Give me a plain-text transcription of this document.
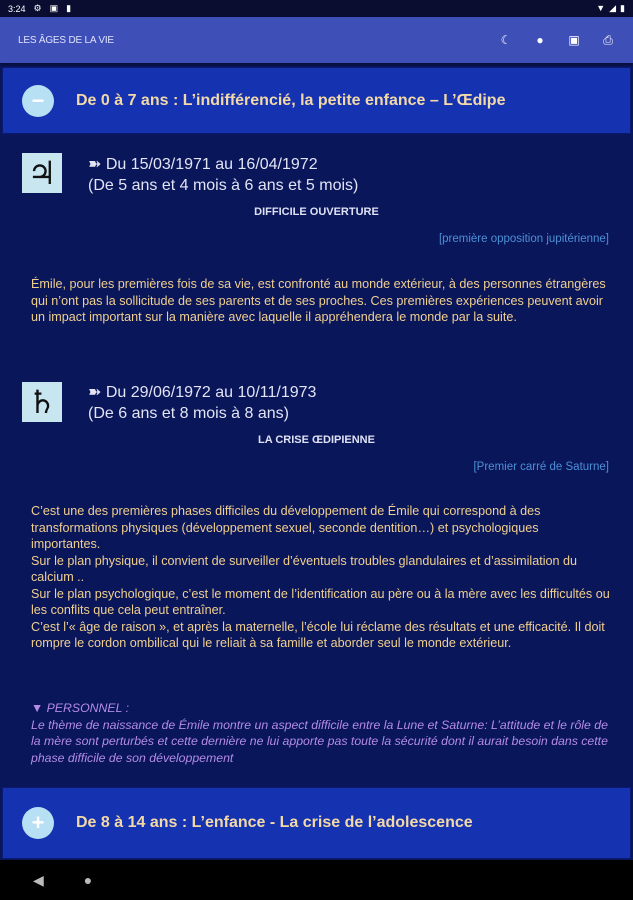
3:24 ⚙ ▣ ▮	▼ ◢ ▮
LES ÂGES DE LA VIE	☾ ● ▣ ⎙
−	De 0 à 7 ans : L’indifférencié, la petite enfance – L’Œdipe
♃	➽ Du 15/03/1971 au 16/04/1972
(De 5 ans et 4 mois à 6 ans et 5 mois)
DIFFICILE OUVERTURE
[première opposition jupitérienne]
Émile, pour les premières fois de sa vie, est confronté au monde extérieur, à des personnes étrangères qui n’ont pas la sollicitude de ses parents et de ses proches. Ces premières expériences peuvent avoir un impact important sur la manière avec laquelle il appréhendera le monde par la suite.
♄	➽ Du 29/06/1972 au 10/11/1973
(De 6 ans et 8 mois à 8 ans)
LA CRISE ŒDIPIENNE
[Premier carré de Saturne]
C’est une des premières phases difficiles du développement de Émile qui correspond à des transformations physiques (développement sexuel, seconde dentition…) et psychologiques importantes.
Sur le plan physique, il convient de surveiller d’éventuels troubles glandulaires et d’assimilation du calcium ..
Sur le plan psychologique, c’est le moment de l’identification au père ou à la mère avec les difficultés ou les conflits que cela peut entraîner.
C’est l’« âge de raison », et après la maternelle, l’école lui réclame des résultats et une efficacité. Il doit rompre le cordon ombilical qui le reliait à sa famille et aborder seul le monde extérieur.
▼ PERSONNEL :
Le thème de naissance de Émile montre un aspect difficile entre la Lune et Saturne: L’attitude et le rôle de la mère sont perturbés et cette dernière ne lui apporte pas toute la sécurité dont il aurait besoin dans cette phase difficile de son développement
+	De 8 à 14 ans : L’enfance - La crise de l’adolescence
◀	●
